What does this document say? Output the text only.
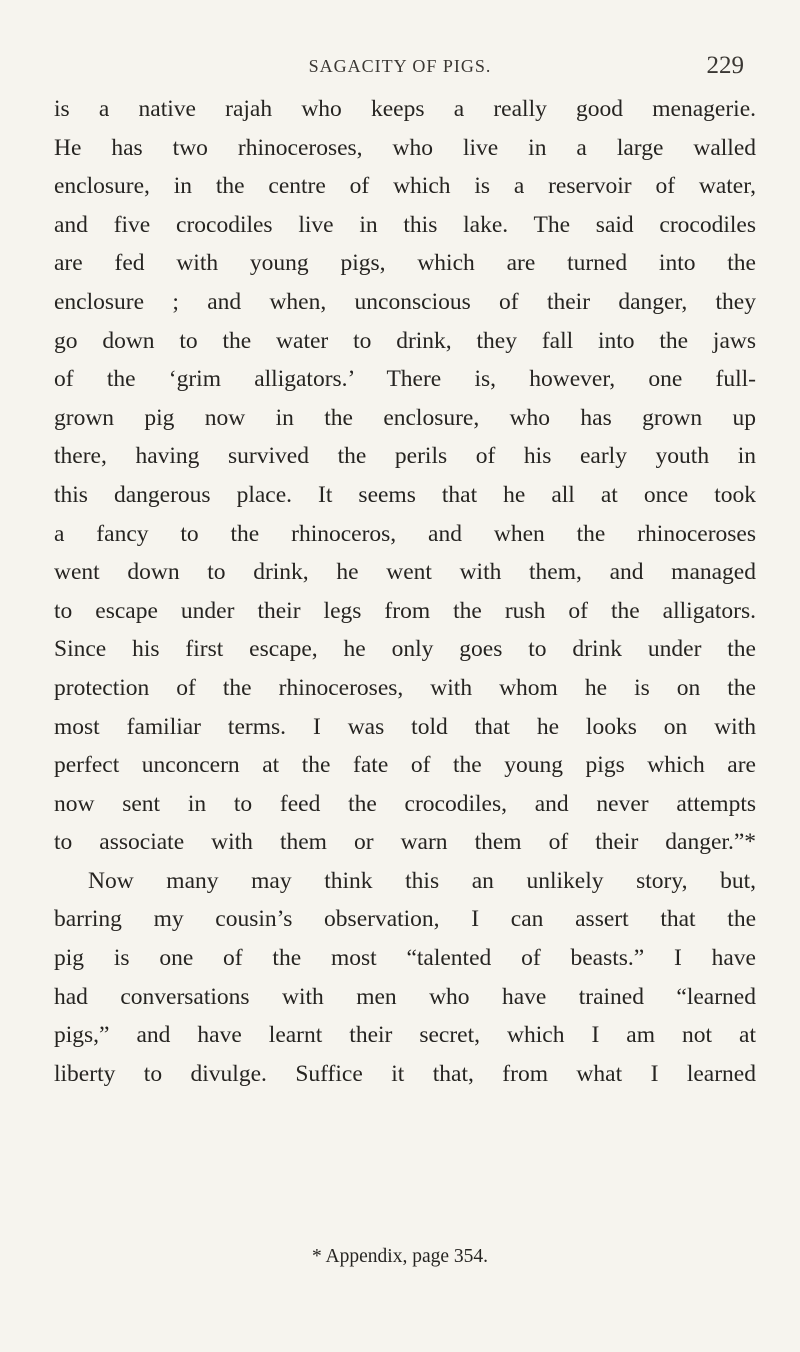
SAGACITY OF PIGS.	229
is a native rajah who keeps a really good menagerie.
He has two rhinoceroses, who live in a large walled
enclosure, in the centre of which is a reservoir of water,
and five crocodiles live in this lake. The said crocodiles
are fed with young pigs, which are turned into the
enclosure ; and when, unconscious of their danger, they
go down to the water to drink, they fall into the jaws
of the ‘grim alligators.’ There is, however, one full-
grown pig now in the enclosure, who has grown up
there, having survived the perils of his early youth in
this dangerous place. It seems that he all at once took
a fancy to the rhinoceros, and when the rhinoceroses
went down to drink, he went with them, and managed
to escape under their legs from the rush of the alligators.
Since his first escape, he only goes to drink under the
protection of the rhinoceroses, with whom he is on the
most familiar terms. I was told that he looks on with
perfect unconcern at the fate of the young pigs which are
now sent in to feed the crocodiles, and never attempts
to associate with them or warn them of their danger.”*
Now many may think this an unlikely story, but,
barring my cousin’s observation, I can assert that the
pig is one of the most “talented of beasts.” I have
had conversations with men who have trained “learned
pigs,” and have learnt their secret, which I am not at
liberty to divulge. Suffice it that, from what I learned
* Appendix, page 354.
